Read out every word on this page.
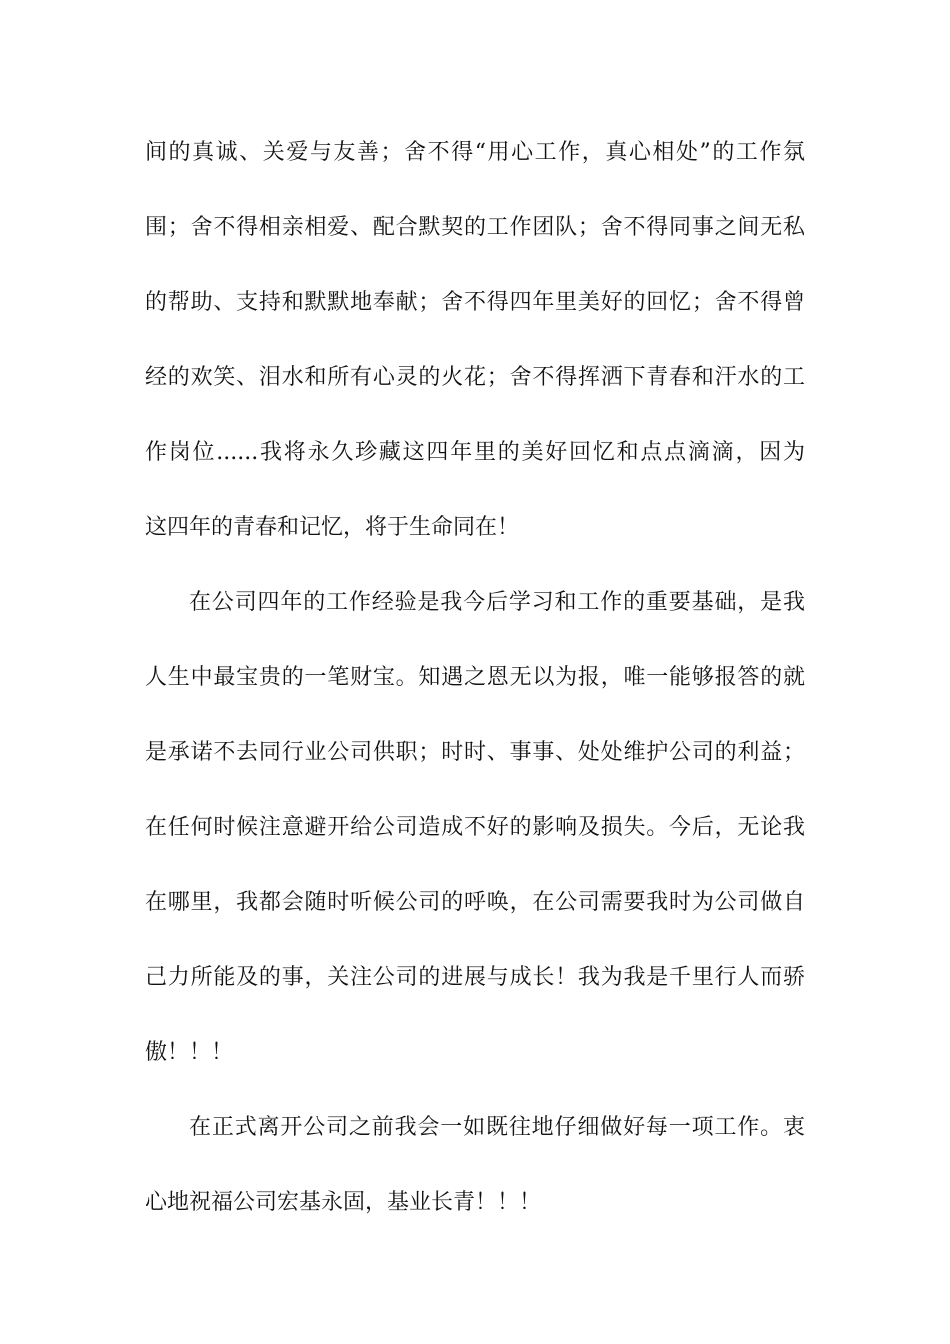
间的真诚、关爱与友善；舍不得“用心工作，真心相处”的工作氛
围；舍不得相亲相爱、配合默契的工作团队；舍不得同事之间无私
的帮助、支持和默默地奉献；舍不得四年里美好的回忆；舍不得曾
经的欢笑、泪水和所有心灵的火花；舍不得挥洒下青春和汗水的工
作岗位......我将永久珍藏这四年里的美好回忆和点点滴滴，因为
这四年的青春和记忆，将于生命同在！
在公司四年的工作经验是我今后学习和工作的重要基础，是我
人生中最宝贵的一笔财宝。知遇之恩无以为报，唯一能够报答的就
是承诺不去同行业公司供职；时时、事事、处处维护公司的利益；
在任何时候注意避开给公司造成不好的影响及损失。今后，无论我
在哪里，我都会随时听候公司的呼唤，在公司需要我时为公司做自
己力所能及的事，关注公司的进展与成长！我为我是千里行人而骄
傲！！！
在正式离开公司之前我会一如既往地仔细做好每一项工作。衷
心地祝福公司宏基永固，基业长青！！！
